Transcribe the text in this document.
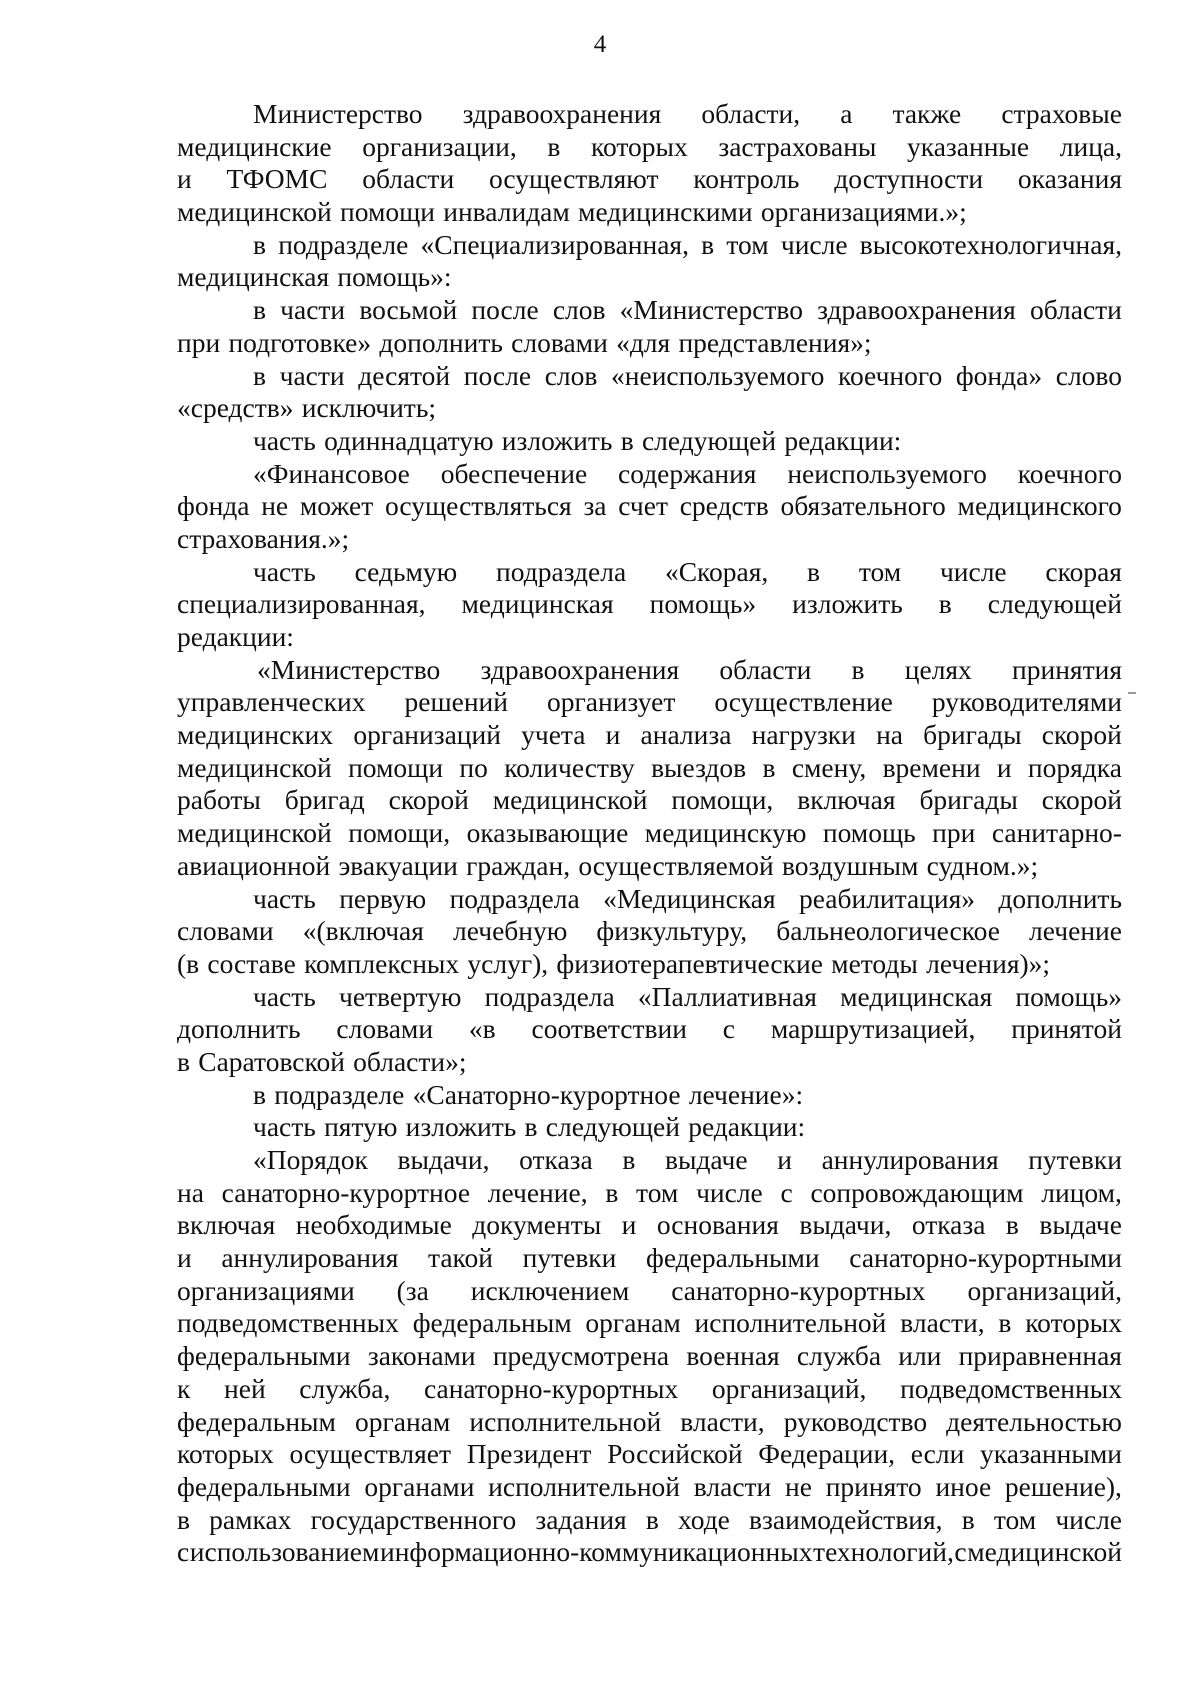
4
Министерство здравоохранения области, а также страховые
медицинские организации, в которых застрахованы указанные лица,
и ТФОМС области осуществляют контроль доступности оказания
медицинской помощи инвалидам медицинскими организациями.»;
в подразделе «Специализированная, в том числе высокотехнологичная,
медицинская помощь»:
в части восьмой после слов «Министерство здравоохранения области
при подготовке» дополнить словами «для представления»;
в части десятой после слов «неиспользуемого коечного фонда» слово
«средств» исключить;
часть одиннадцатую изложить в следующей редакции:
«Финансовое обеспечение содержания неиспользуемого коечного
фонда не может осуществляться за счет средств обязательного медицинского
страхования.»;
часть седьмую подраздела «Скорая, в том числе скорая
специализированная, медицинская помощь» изложить в следующей
редакции:
«Министерство здравоохранения области в целях принятия
управленческих решений организует осуществление руководителями
медицинских организаций учета и анализа нагрузки на бригады скорой
медицинской помощи по количеству выездов в смену, времени и порядка
работы бригад скорой медицинской помощи, включая бригады скорой
медицинской помощи, оказывающие медицинскую помощь при санитарно-
авиационной эвакуации граждан, осуществляемой воздушным судном.»;
часть первую подраздела «Медицинская реабилитация» дополнить
словами «(включая лечебную физкультуру, бальнеологическое лечение
(в составе комплексных услуг), физиотерапевтические методы лечения)»;
часть четвертую подраздела «Паллиативная медицинская помощь»
дополнить словами «в соответствии с маршрутизацией, принятой
в Саратовской области»;
в подразделе «Санаторно-курортное лечение»:
часть пятую изложить в следующей редакции:
«Порядок выдачи, отказа в выдаче и аннулирования путевки
на санаторно-курортное лечение, в том числе с сопровождающим лицом,
включая необходимые документы и основания выдачи, отказа в выдаче
и аннулирования такой путевки федеральными санаторно-курортными
организациями (за исключением санаторно-курортных организаций,
подведомственных федеральным органам исполнительной власти, в которых
федеральными законами предусмотрена военная служба или приравненная
к ней служба, санаторно-курортных организаций, подведомственных
федеральным органам исполнительной власти, руководство деятельностью
которых осуществляет Президент Российской Федерации, если указанными
федеральными органами исполнительной власти не принято иное решение),
в рамках государственного задания в ходе взаимодействия, в том числе
с использованием информационно-коммуникационных технологий, с медицинской
